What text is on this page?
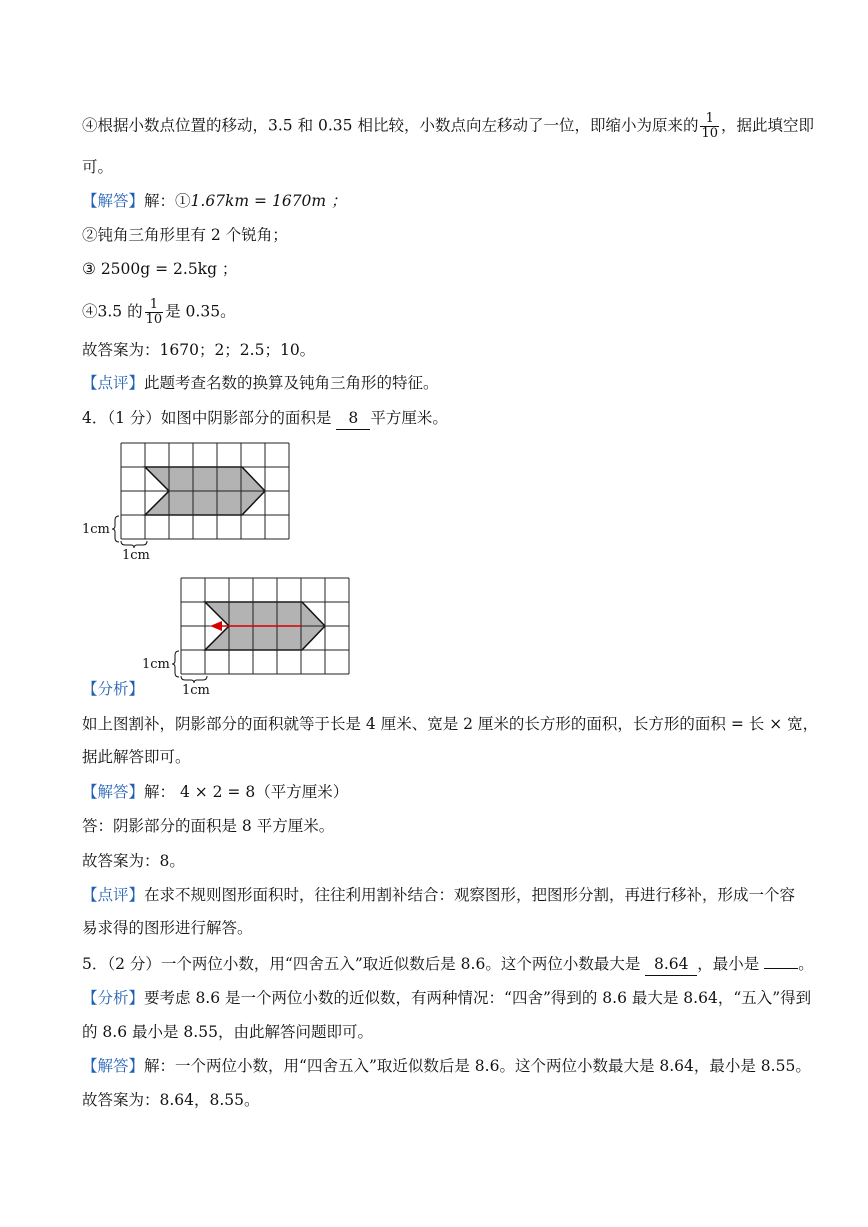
④根据小数点位置的移动，3.5 和 0.35 相比较，小数点向左移动了一位，即缩小为原来的 $\frac{1}{10}$ ，据此填空即
可。
【解答】解：①1.67km = 1670m ；
②钝角三角形里有 2 个锐角；
③ 2500g = 2.5kg ；
④3.5 的 $\frac{1}{10}$ 是 0.35。
故答案为：1670；2；2.5；10。
【点评】此题考查名数的换算及钝角三角形的特征。
4．（1 分）如图中阴影部分的面积是 8 平方厘米。
1cm
1cm
1cm
1cm
【分析】
如上图割补，阴影部分的面积就等于长是 4 厘米、宽是 2 厘米的长方形的面积，长方形的面积 = 长 × 宽，
据此解答即可。
【解答】解： 4 × 2 = 8（平方厘米）
答：阴影部分的面积是 8 平方厘米。
故答案为：8。
【点评】在求不规则图形面积时，往往利用割补结合：观察图形，把图形分割，再进行移补，形成一个容
易求得的图形进行解答。
5．（2 分）一个两位小数，用“四舍五入”取近似数后是 8.6。这个两位小数最大是 8.64 ，最小是	。
【分析】要考虑 8.6 是一个两位小数的近似数，有两种情况：“四舍”得到的 8.6 最大是 8.64，“五入”得到
的 8.6 最小是 8.55，由此解答问题即可。
【解答】解：一个两位小数，用“四舍五入”取近似数后是 8.6。这个两位小数最大是 8.64，最小是 8.55。
故答案为：8.64，8.55。
